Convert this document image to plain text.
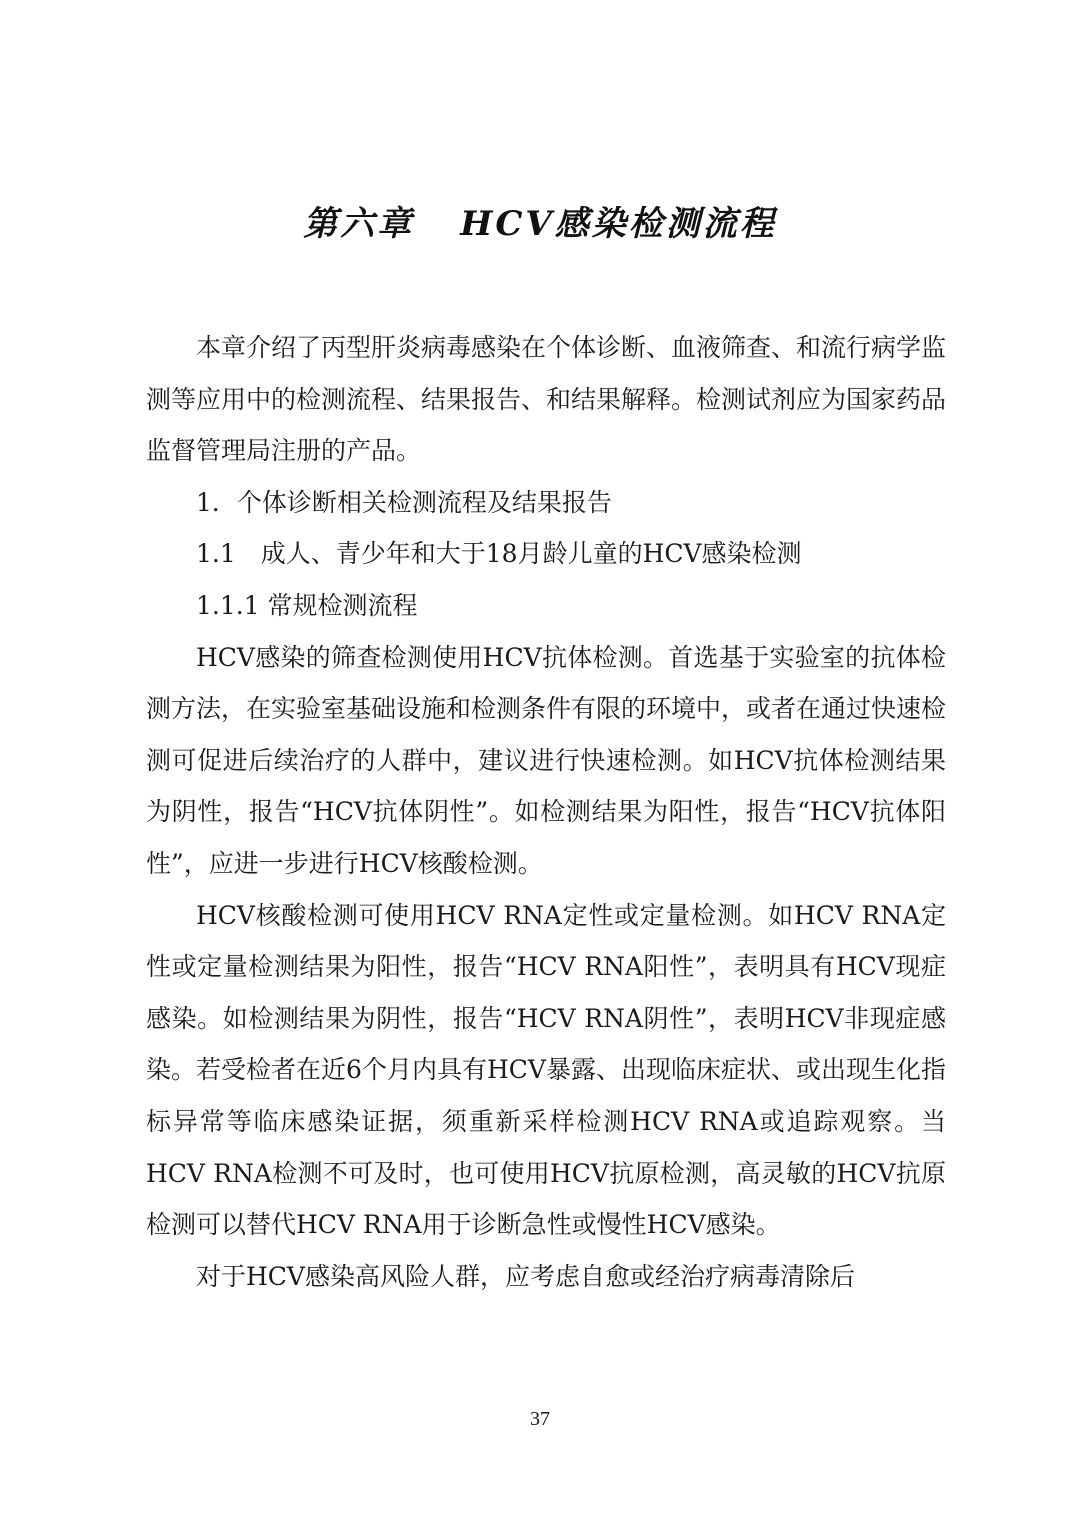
第六章 HCV感染检测流程

本章介绍了丙型肝炎病毒感染在个体诊断、血液筛查、和流行病学监测等应用中的检测流程、结果报告、和结果解释。检测试剂应为国家药品监督管理局注册的产品。

1．个体诊断相关检测流程及结果报告

1.1　成人、青少年和大于18月龄儿童的HCV感染检测

1.1.1 常规检测流程

HCV感染的筛查检测使用HCV抗体检测。首选基于实验室的抗体检测方法，在实验室基础设施和检测条件有限的环境中，或者在通过快速检测可促进后续治疗的人群中，建议进行快速检测。如HCV抗体检测结果为阴性，报告“HCV抗体阴性”。如检测结果为阳性，报告“HCV抗体阳性”，应进一步进行HCV核酸检测。

HCV核酸检测可使用HCV RNA定性或定量检测。如HCV RNA定性或定量检测结果为阳性，报告“HCV RNA阳性”，表明具有HCV现症感染。如检测结果为阴性，报告“HCV RNA阴性”，表明HCV非现症感染。若受检者在近6个月内具有HCV暴露、出现临床症状、或出现生化指标异常等临床感染证据，须重新采样检测HCV RNA或追踪观察。当HCV RNA检测不可及时，也可使用HCV抗原检测，高灵敏的HCV抗原检测可以替代HCV RNA用于诊断急性或慢性HCV感染。

对于HCV感染高风险人群，应考虑自愈或经治疗病毒清除后

37
